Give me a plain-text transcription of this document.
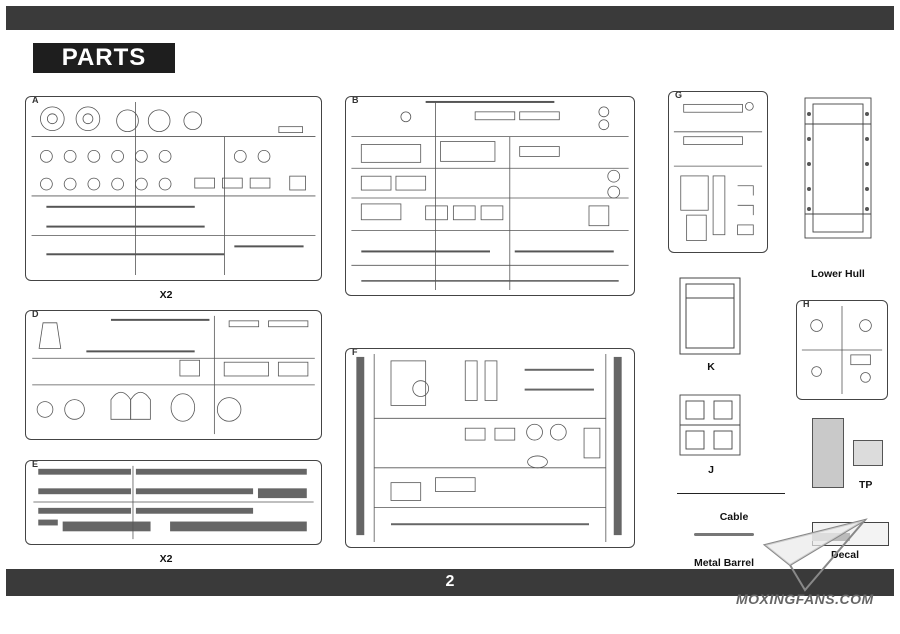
PARTS
A
X2
B
D
E
X2
F
G
Lower Hull
K
H
J
TP
Cable
Metal Barrel
Decal
2
MOXINGFANS.COM
